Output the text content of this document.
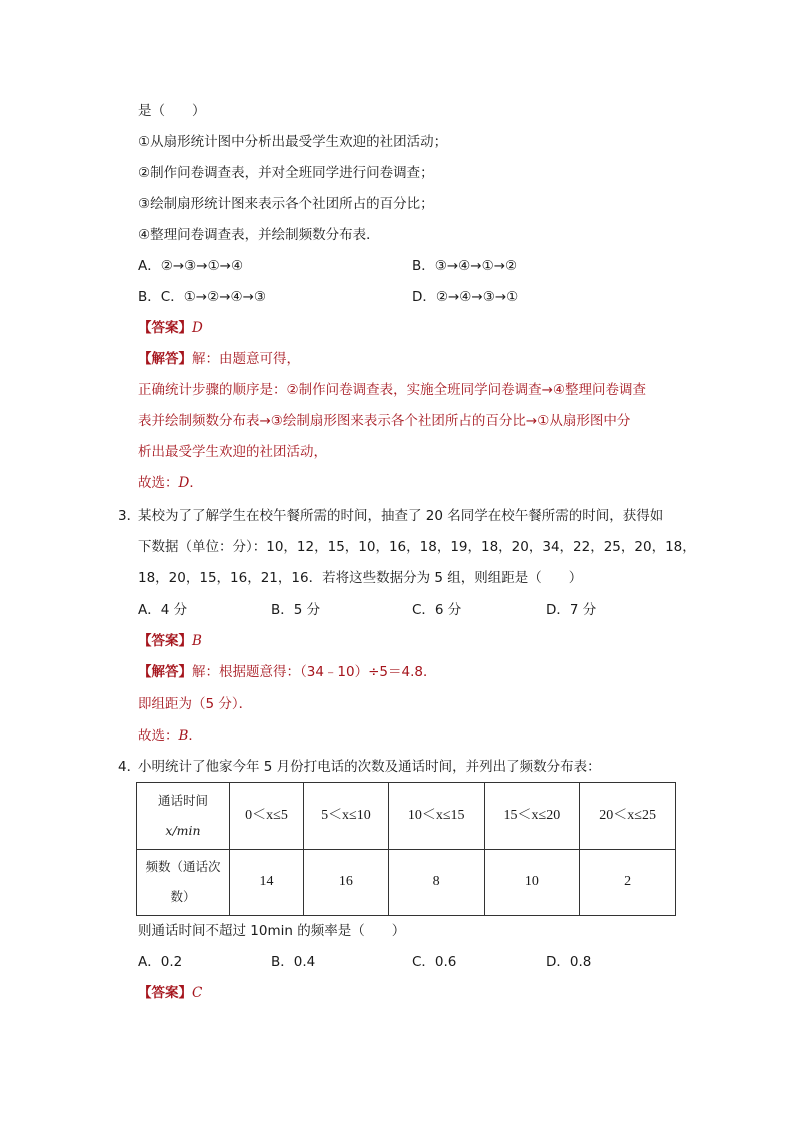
是（　　）
①从扇形统计图中分析出最受学生欢迎的社团活动；
②制作问卷调查表，并对全班同学进行问卷调查；
③绘制扇形统计图来表示各个社团所占的百分比；
④整理问卷调查表，并绘制频数分布表．
A．②→③→①→④	B．③→④→①→②
B．C．①→②→④→③	D．②→④→③→①
【答案】D
【解答】解：由题意可得，
正确统计步骤的顺序是：②制作问卷调查表，实施全班同学问卷调查→④整理问卷调查
表并绘制频数分布表→③绘制扇形图来表示各个社团所占的百分比→①从扇形图中分
析出最受学生欢迎的社团活动，
故选：D．
3．
某校为了了解学生在校午餐所需的时间，抽查了 20 名同学在校午餐所需的时间，获得如
下数据（单位：分）：10，12，15，10，16，18，19，18，20，34，22，25，20，18，
18，20，15，16，21，16．若将这些数据分为 5 组，则组距是（　　）
A．4 分	B．5 分	C．6 分	D．7 分
【答案】B
【解答】解：根据题意得：（34﹣10）÷5＝4.8．
即组距为（5 分）．
故选：B．
4．
小明统计了他家今年 5 月份打电话的次数及通话时间，并列出了频数分布表：
通话时间
x/min	0＜x≤5	5＜x≤10	10＜x≤15	15＜x≤20	20＜x≤25
频数（通话次
数）	14	16	8	10	2
则通话时间不超过 10min 的频率是（　　）
A．0.2	B．0.4	C．0.6	D．0.8
【答案】C
